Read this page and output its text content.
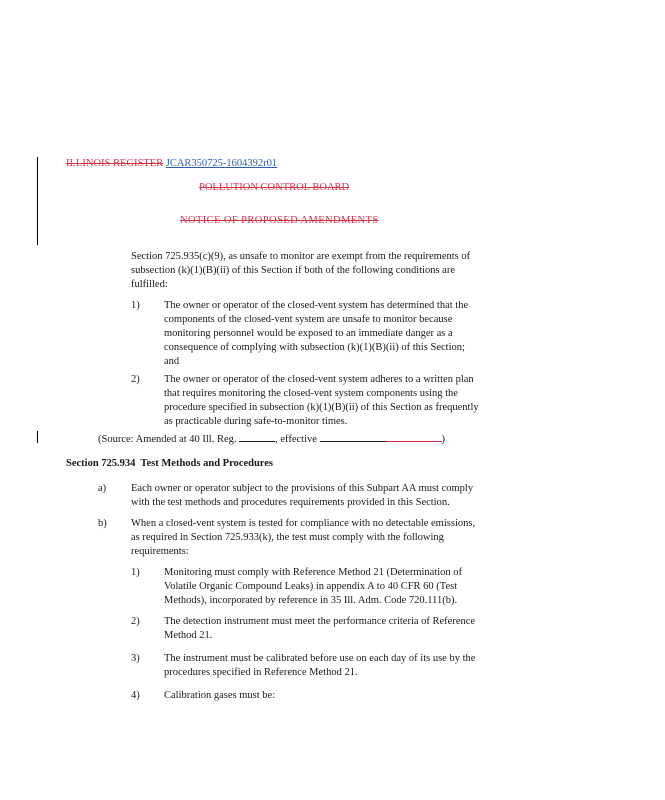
ILLINOIS REGISTER JCAR350725-1604392r01
POLLUTION CONTROL BOARD
NOTICE OF PROPOSED AMENDMENTS
Section 725.935(c)(9), as unsafe to monitor are exempt from the requirements of
subsection (k)(1)(B)(ii) of this Section if both of the following conditions are
fulfilled:
1) The owner or operator of the closed-vent system has determined that the
components of the closed-vent system are unsafe to monitor because
monitoring personnel would be exposed to an immediate danger as a
consequence of complying with subsection (k)(1)(B)(ii) of this Section;
and
2) The owner or operator of the closed-vent system adheres to a written plan
that requires monitoring the closed-vent system components using the
procedure specified in subsection (k)(1)(B)(ii) of this Section as frequently
as practicable during safe-to-monitor times.
(Source: Amended at 40 Ill. Reg.	, effective	)
Section 725.934 Test Methods and Procedures
a) Each owner or operator subject to the provisions of this Subpart AA must comply
with the test methods and procedures requirements provided in this Section.
b) When a closed-vent system is tested for compliance with no detectable emissions,
as required in Section 725.933(k), the test must comply with the following
requirements:
1) Monitoring must comply with Reference Method 21 (Determination of
Volatile Organic Compound Leaks) in appendix A to 40 CFR 60 (Test
Methods), incorporated by reference in 35 Ill. Adm. Code 720.111(b).
2) The detection instrument must meet the performance criteria of Reference
Method 21.
3) The instrument must be calibrated before use on each day of its use by the
procedures specified in Reference Method 21.
4) Calibration gases must be:
